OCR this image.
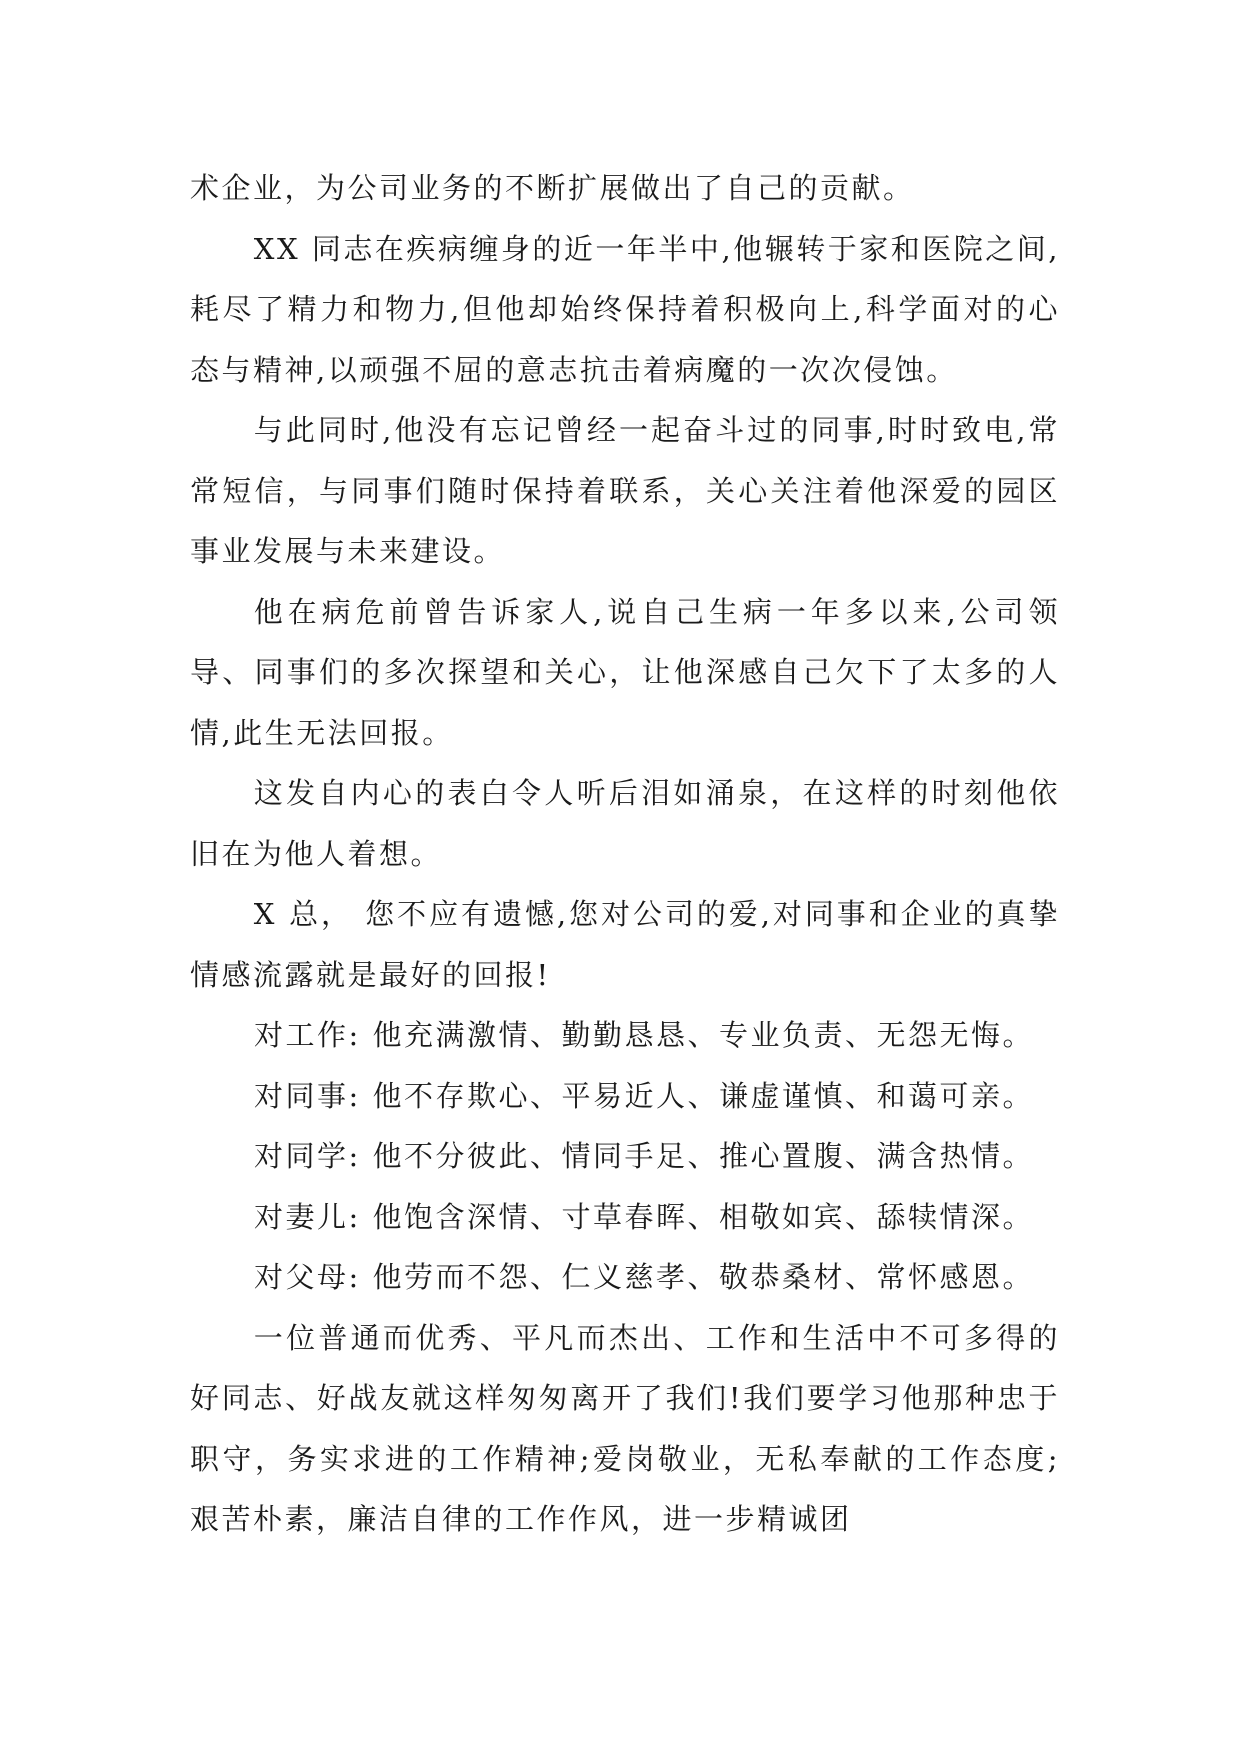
术企业，为公司业务的不断扩展做出了自己的贡献。

XX 同志在疾病缠身的近一年半中,他辗转于家和医院之间,耗尽了精力和物力,但他却始终保持着积极向上,科学面对的心态与精神,以顽强不屈的意志抗击着病魔的一次次侵蚀。

与此同时,他没有忘记曾经一起奋斗过的同事,时时致电,常常短信，与同事们随时保持着联系，关心关注着他深爱的园区事业发展与未来建设。

他在病危前曾告诉家人,说自己生病一年多以来,公司领导、同事们的多次探望和关心，让他深感自己欠下了太多的人情,此生无法回报。

这发自内心的表白令人听后泪如涌泉，在这样的时刻他依旧在为他人着想。

X 总， 您不应有遗憾,您对公司的爱,对同事和企业的真挚情感流露就是最好的回报!

对工作: 他充满激情、勤勤恳恳、专业负责、无怨无悔。

对同事: 他不存欺心、平易近人、谦虚谨慎、和蔼可亲。

对同学: 他不分彼此、情同手足、推心置腹、满含热情。

对妻儿: 他饱含深情、寸草春晖、相敬如宾、舔犊情深。

对父母: 他劳而不怨、仁义慈孝、敬恭桑材、常怀感恩。

一位普通而优秀、平凡而杰出、工作和生活中不可多得的好同志、好战友就这样匆匆离开了我们!我们要学习他那种忠于职守，务实求进的工作精神;爱岗敬业，无私奉献的工作态度;艰苦朴素，廉洁自律的工作作风，进一步精诚团
